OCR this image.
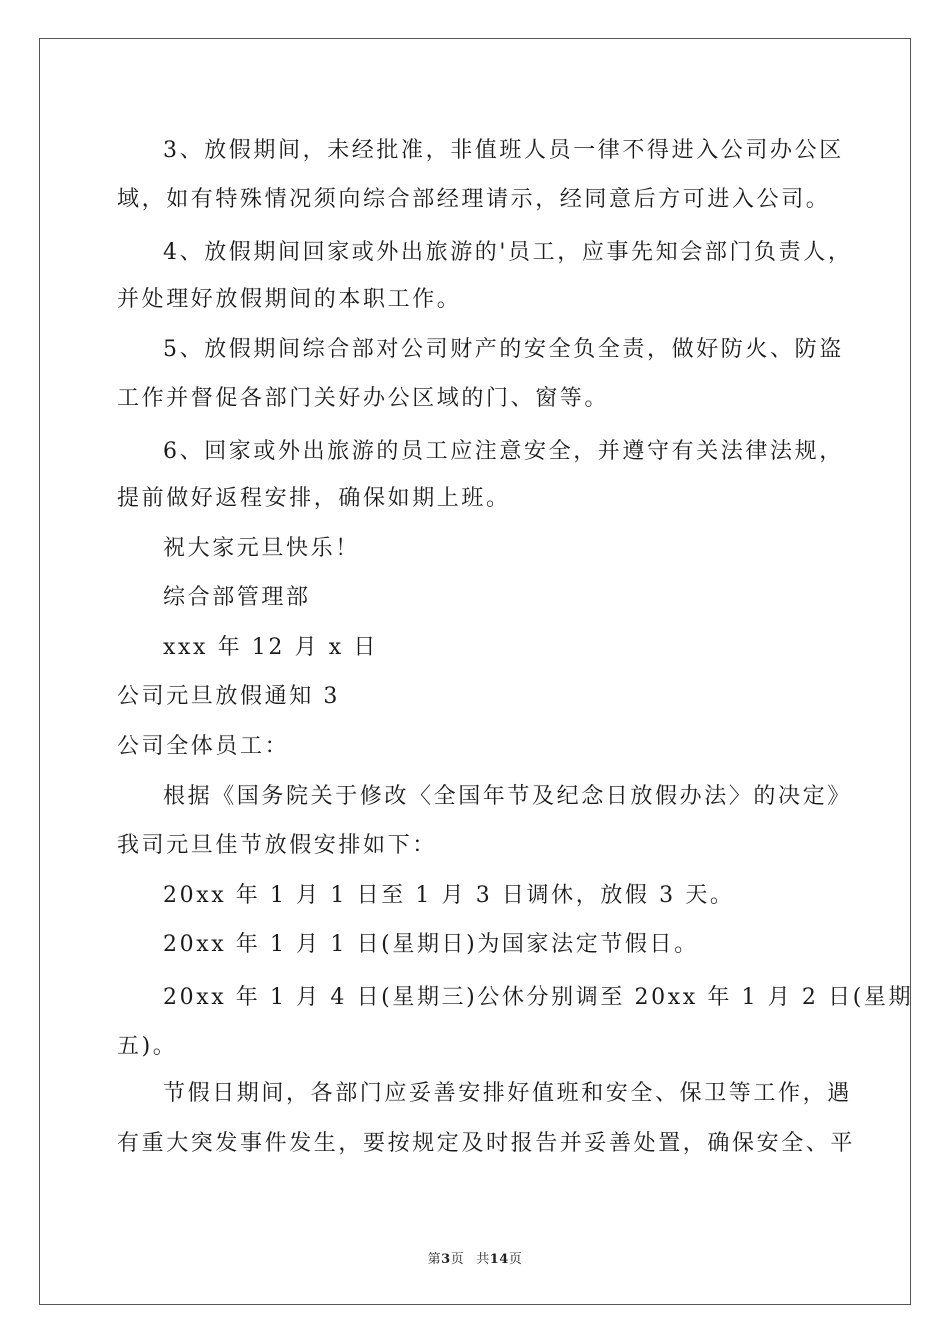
3、放假期间，未经批准，非值班人员一律不得进入公司办公区
域，如有特殊情况须向综合部经理请示，经同意后方可进入公司。
4、放假期间回家或外出旅游的'员工，应事先知会部门负责人，
并处理好放假期间的本职工作。
5、放假期间综合部对公司财产的安全负全责，做好防火、防盗
工作并督促各部门关好办公区域的门、窗等。
6、回家或外出旅游的员工应注意安全，并遵守有关法律法规，
提前做好返程安排，确保如期上班。
祝大家元旦快乐！
综合部管理部
xxx 年 12 月 x 日
公司元旦放假通知 3
公司全体员工：
根据《国务院关于修改〈全国年节及纪念日放假办法〉的决定》
我司元旦佳节放假安排如下：
20xx 年 1 月 1 日至 1 月 3 日调休，放假 3 天。
20xx 年 1 月 1 日(星期日)为国家法定节假日。
20xx 年 1 月 4 日(星期三)公休分别调至 20xx 年 1 月 2 日(星期
五)。
节假日期间，各部门应妥善安排好值班和安全、保卫等工作，遇
有重大突发事件发生，要按规定及时报告并妥善处置，确保安全、平
第3页 共14页
